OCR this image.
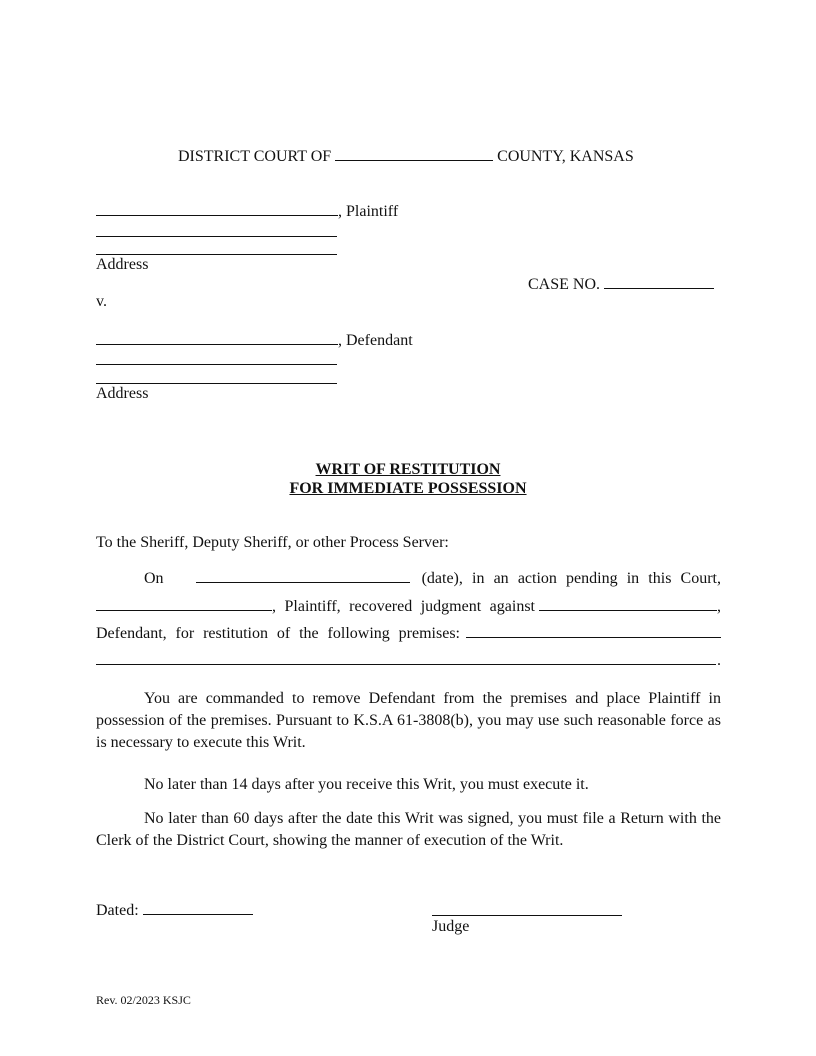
DISTRICT COURT OF	COUNTY, KANSAS
, Plaintiff
Address
CASE NO.
v.
, Defendant
Address
WRIT OF RESTITUTION
FOR IMMEDIATE POSSESSION
To the Sheriff, Deputy Sheriff, or other Process Server:
On	(date), in an action pending in this Court,
, Plaintiff, recovered judgment against	,
Defendant, for restitution of the following premises:
.
You are commanded to remove Defendant from the premises and place Plaintiff in possession of the premises. Pursuant to K.S.A 61-3808(b), you may use such reasonable force as is necessary to execute this Writ.
No later than 14 days after you receive this Writ, you must execute it.
No later than 60 days after the date this Writ was signed, you must file a Return with the Clerk of the District Court, showing the manner of execution of the Writ.
Dated:
Judge
Rev. 02/2023 KSJC
